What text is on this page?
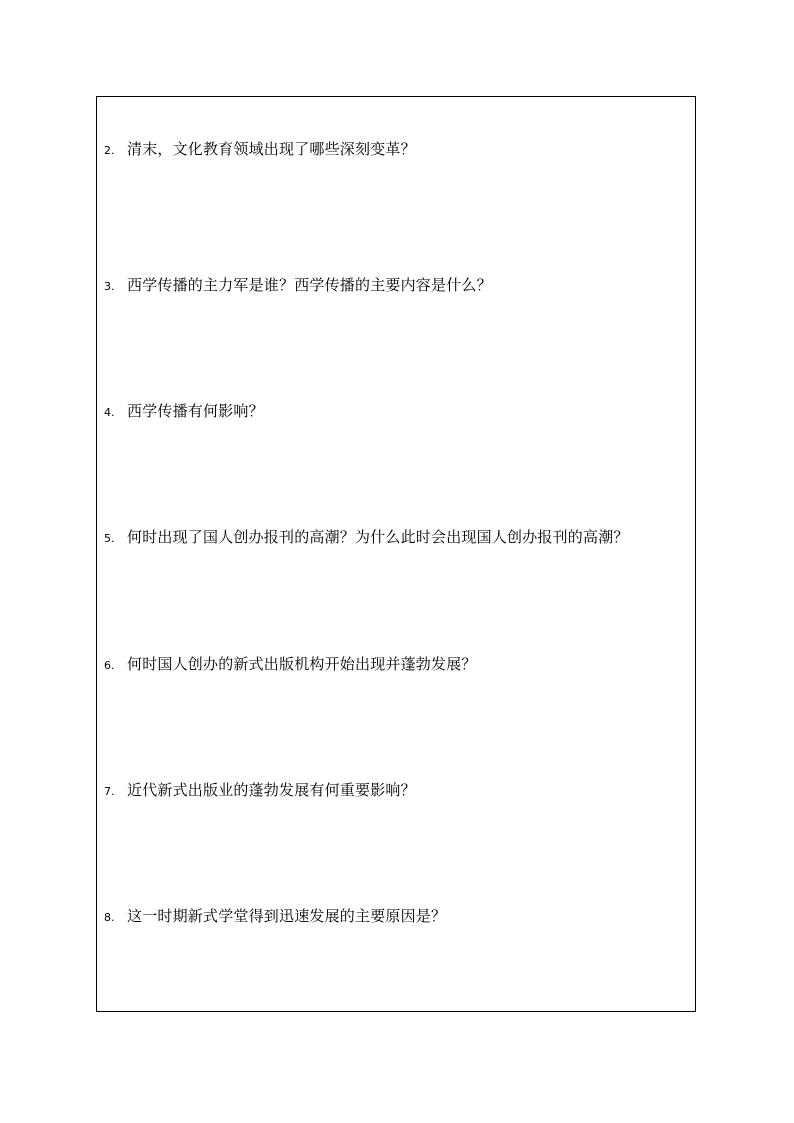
2. 清末，文化教育领域出现了哪些深刻变革？
3. 西学传播的主力军是谁？西学传播的主要内容是什么？
4. 西学传播有何影响？
5. 何时出现了国人创办报刊的高潮？为什么此时会出现国人创办报刊的高潮？
6. 何时国人创办的新式出版机构开始出现并蓬勃发展？
7. 近代新式出版业的蓬勃发展有何重要影响？
8. 这一时期新式学堂得到迅速发展的主要原因是？
